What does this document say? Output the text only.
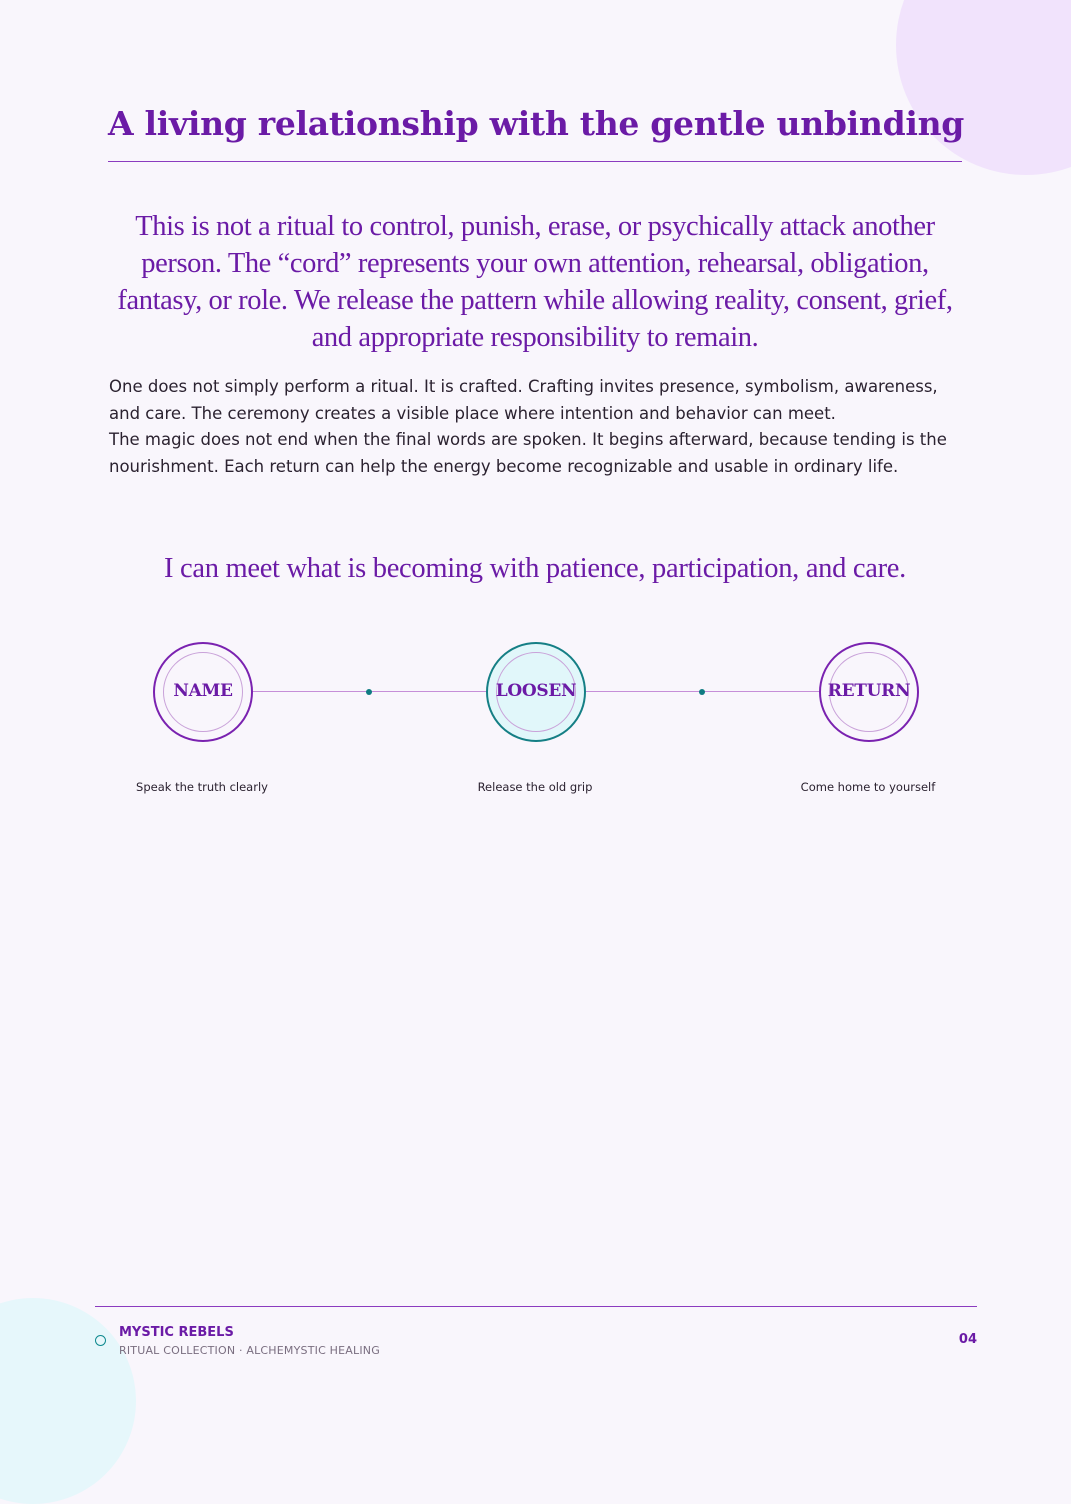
A living relationship with the gentle unbinding

This is not a ritual to control, punish, erase, or psychically attack another person. The “cord” represents your own attention, rehearsal, obligation, fantasy, or role. We release the pattern while allowing reality, consent, grief, and appropriate responsibility to remain.

One does not simply perform a ritual. It is crafted. Crafting invites presence, symbolism, awareness, and care. The ceremony creates a visible place where intention and behavior can meet.

The magic does not end when the final words are spoken. It begins afterward, because tending is the nourishment. Each return can help the energy become recognizable and usable in ordinary life.

I can meet what is becoming with patience, participation, and care.

NAME	LOOSEN	RETURN
Speak the truth clearly	Release the old grip	Come home to yourself
MYSTIC REBELS
RITUAL COLLECTION · ALCHEMYSTIC HEALING
04
